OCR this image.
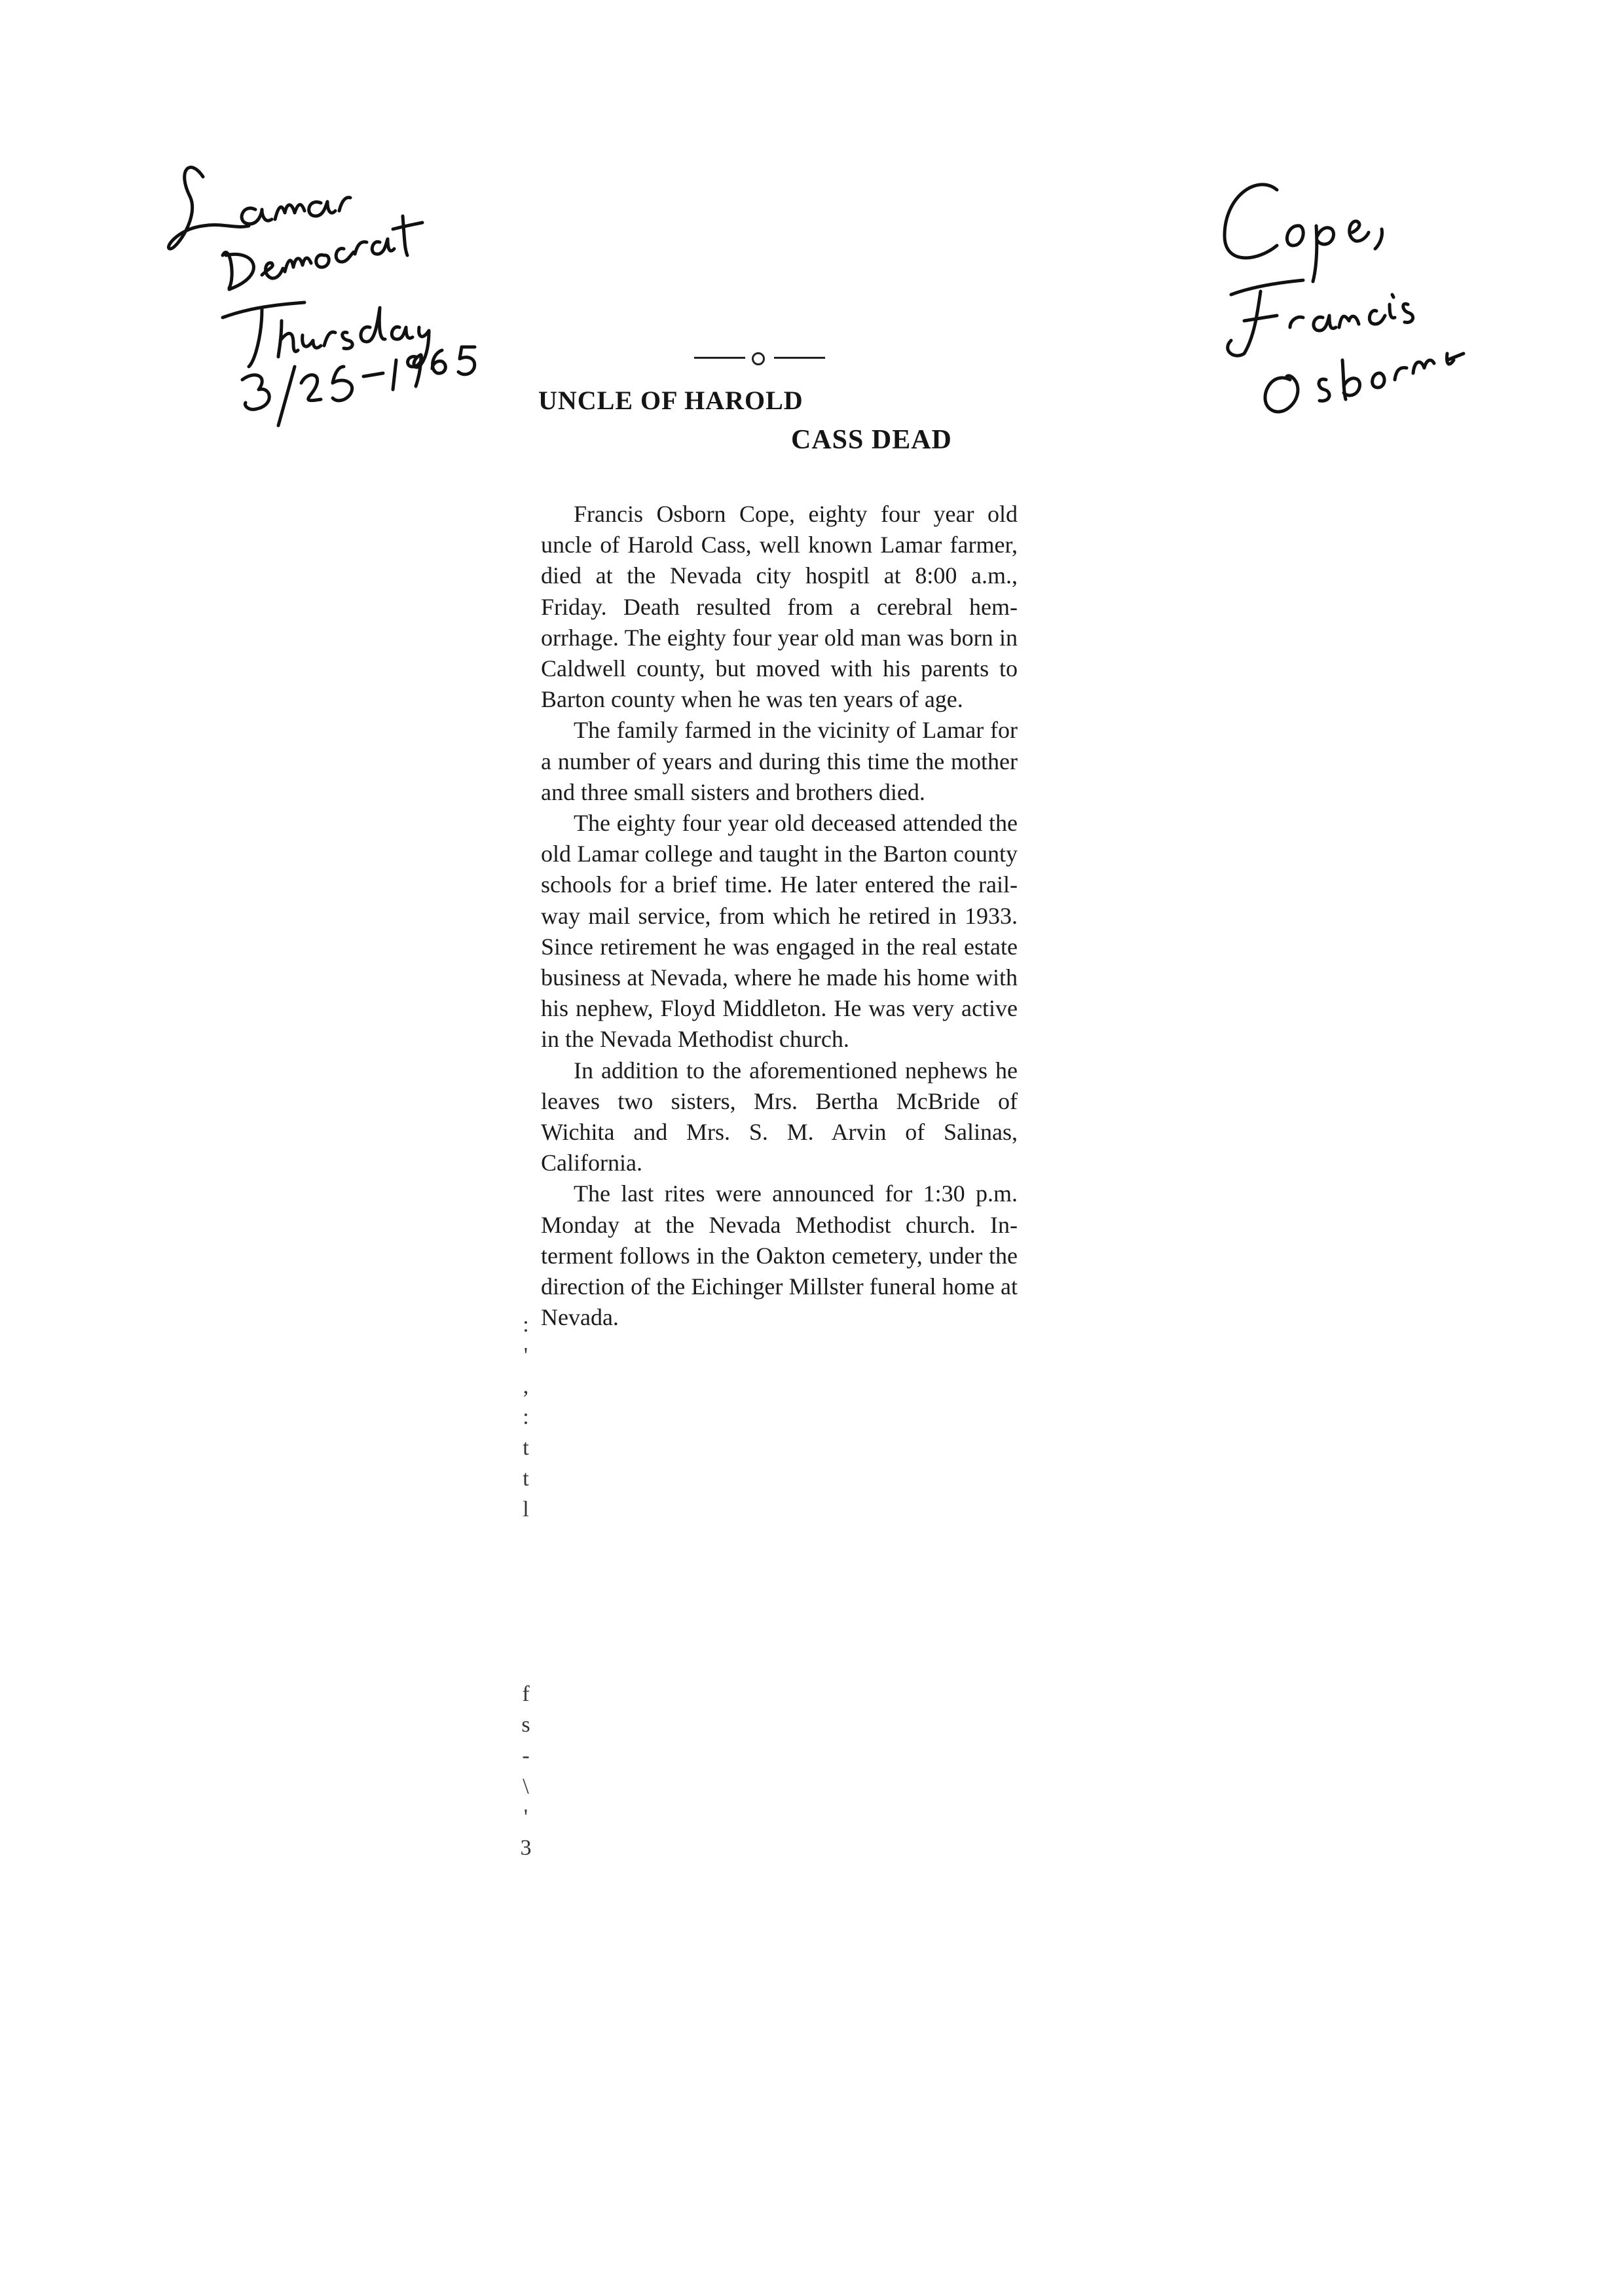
UNCLE OF HAROLD
CASS DEAD

Francis Osborn Cope, eighty four year old uncle of Harold Cass, well known Lamar farmer, died at the Nevada city hospitl at 8:00 a.m., Friday. Death resulted from a cerebral hemorrhage. The eighty four year old man was born in Caldwell county, but moved with his parents to Barton county when he was ten years of age.

The family farmed in the vicinity of Lamar for a number of years and during this time the mother and three small sisters and brothers died.

The eighty four year old deceased attended the old Lamar college and taught in the Barton county schools for a brief time. He later entered the railway mail service, from which he retired in 1933. Since retirement he was engaged in the real estate business at Nevada, where he made his home with his nephew, Floyd Middleton. He was very active in the Nevada Methodist church.

In addition to the aforementioned nephews he leaves two sisters, Mrs. Bertha McBride of Wichita and Mrs. S. M. Arvin of Salinas, California.

The last rites were announced for 1:30 p.m. Monday at the Nevada Methodist church. Interment follows in the Oakton cemetery, under the direction of the Eichinger Millster funeral home at Nevada.

:
'
,
:
t
t
l

f
s
-
\
'
3
